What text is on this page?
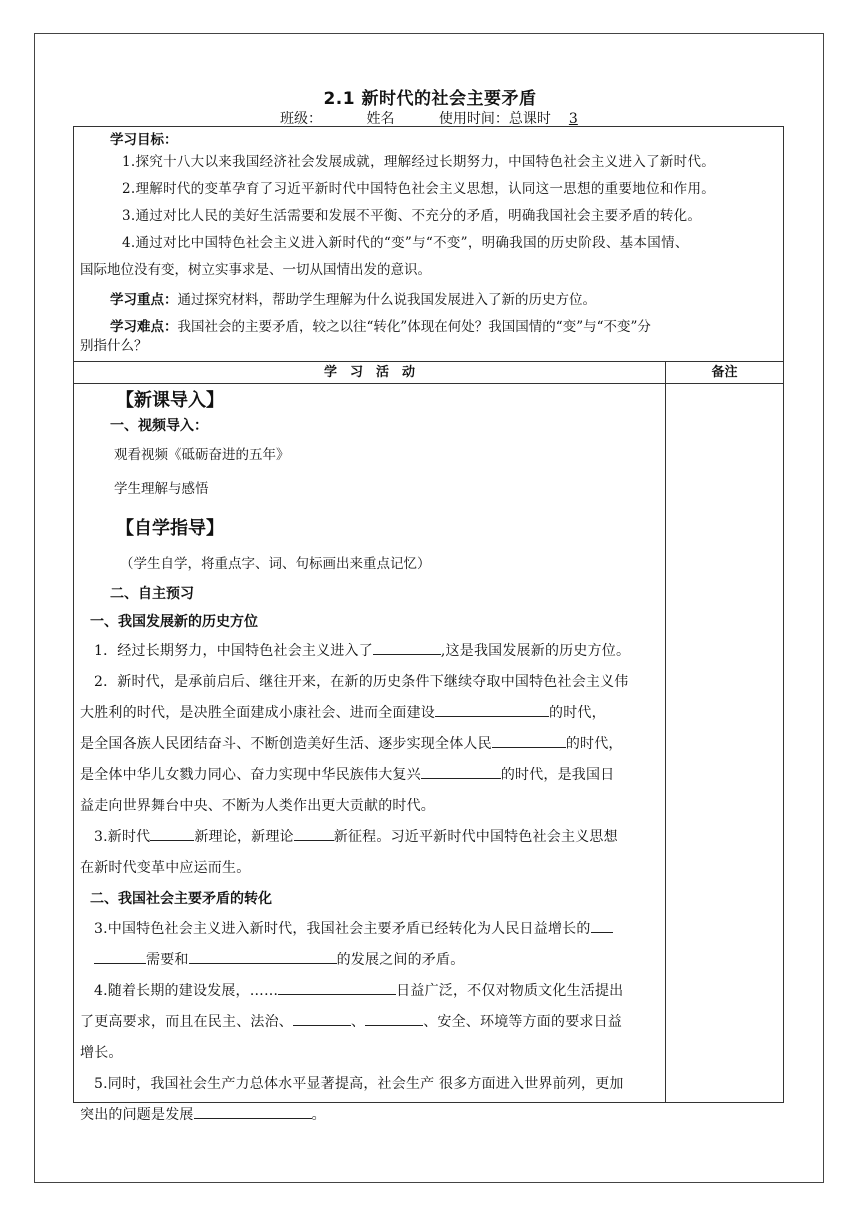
2.1 新时代的社会主要矛盾
班级：	姓名	使用时间：总课时 3
学习目标：
1.探究十八大以来我国经济社会发展成就，理解经过长期努力，中国特色社会主义进入了新时代。
2.理解时代的变革孕育了习近平新时代中国特色社会主义思想，认同这一思想的重要地位和作用。
3.通过对比人民的美好生活需要和发展不平衡、不充分的矛盾，明确我国社会主要矛盾的转化。
4.通过对比中国特色社会主义进入新时代的“变”与“不变”，明确我国的历史阶段、基本国情、
国际地位没有变，树立实事求是、一切从国情出发的意识。
学习重点：通过探究材料，帮助学生理解为什么说我国发展进入了新的历史方位。
学习难点：我国社会的主要矛盾，较之以往“转化”体现在何处？我国国情的“变”与“不变”分
别指什么？
学　习　活　动	备注
【新课导入】
一、视频导入：
观看视频《砥砺奋进的五年》
学生理解与感悟
【自学指导】
（学生自学，将重点字、词、句标画出来重点记忆）
二、自主预习
一、我国发展新的历史方位
1．经过长期努力，中国特色社会主义进入了	,这是我国发展新的历史方位。
2．新时代，是承前启后、继往开来，在新的历史条件下继续夺取中国特色社会主义伟
大胜利的时代，是决胜全面建成小康社会、进而全面建设	的时代，
是全国各族人民团结奋斗、不断创造美好生活、逐步实现全体人民	的时代，
是全体中华儿女戮力同心、奋力实现中华民族伟大复兴	的时代，是我国日
益走向世界舞台中央、不断为人类作出更大贡献的时代。
3.新时代	新理论，新理论	新征程。习近平新时代中国特色社会主义思想
在新时代变革中应运而生。
二、我国社会主要矛盾的转化
3.中国特色社会主义进入新时代，我国社会主要矛盾已经转化为人民日益增长的
需要和	的发展之间的矛盾。
4.随着长期的建设发展，……	日益广泛，不仅对物质文化生活提出
了更高要求，而且在民主、法治、	、	、安全、环境等方面的要求日益
增长。
5.同时，我国社会生产力总体水平显著提高，社会生产 很多方面进入世界前列，更加
突出的问题是发展	。
